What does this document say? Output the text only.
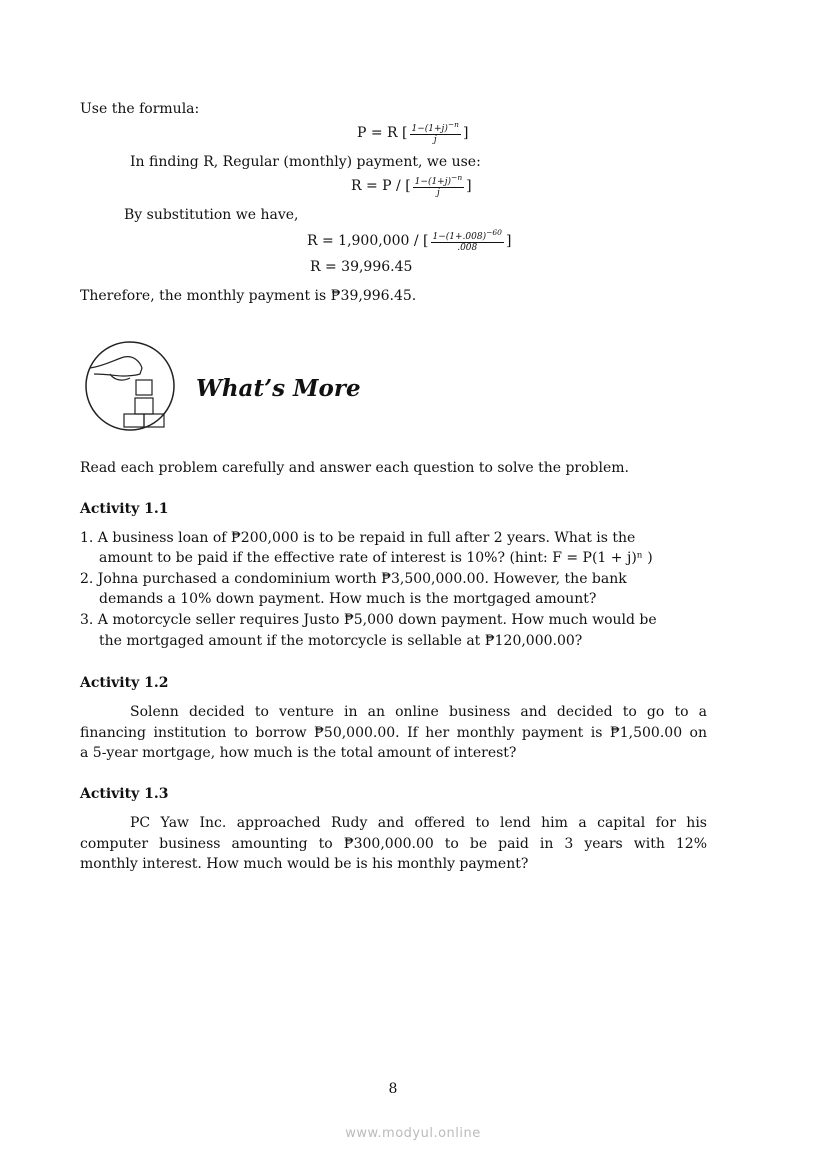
Use the formula:
P = R [ $\frac{1-(1+j)^{-n}}{j}$ ]
In finding R, Regular (monthly) payment, we use:
R = P / [ $\frac{1-(1+j)^{-n}}{j}$ ]
By substitution we have,
R = 1,900,000 / [ $\frac{1-(1+.008)^{-60}}{.008}$ ]
R = 39,996.45
Therefore, the monthly payment is ₱39,996.45.
What’s More
Read each problem carefully and answer each question to solve the problem.
Activity 1.1
1. A business loan of ₱200,000 is to be repaid in full after 2 years. What is the
amount to be paid if the effective rate of interest is 10%? (hint: F = P(1 + j)ⁿ )
2. Johna purchased a condominium worth ₱3,500,000.00. However, the bank
demands a 10% down payment. How much is the mortgaged amount?
3. A motorcycle seller requires Justo ₱5,000 down payment. How much would be
the mortgaged amount if the motorcycle is sellable at ₱120,000.00?
Activity 1.2
Solenn decided to venture in an online business and decided to go to a
financing institution to borrow ₱50,000.00. If her monthly payment is ₱1,500.00 on
a 5-year mortgage, how much is the total amount of interest?
Activity 1.3
PC Yaw Inc. approached Rudy and offered to lend him a capital for his
computer business amounting to ₱300,000.00 to be paid in 3 years with 12%
monthly interest. How much would be is his monthly payment?
8
www.modyul.online
